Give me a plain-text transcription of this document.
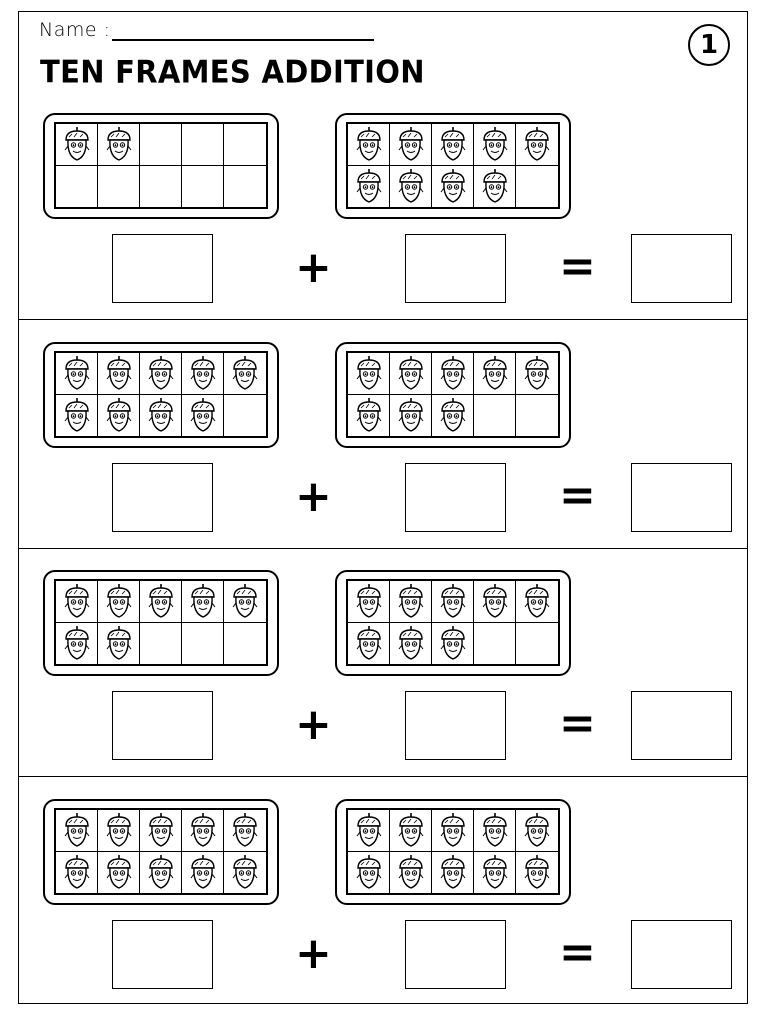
Name :
TEN FRAMES ADDITION
1
+	=
+	=
+	=
+	=
